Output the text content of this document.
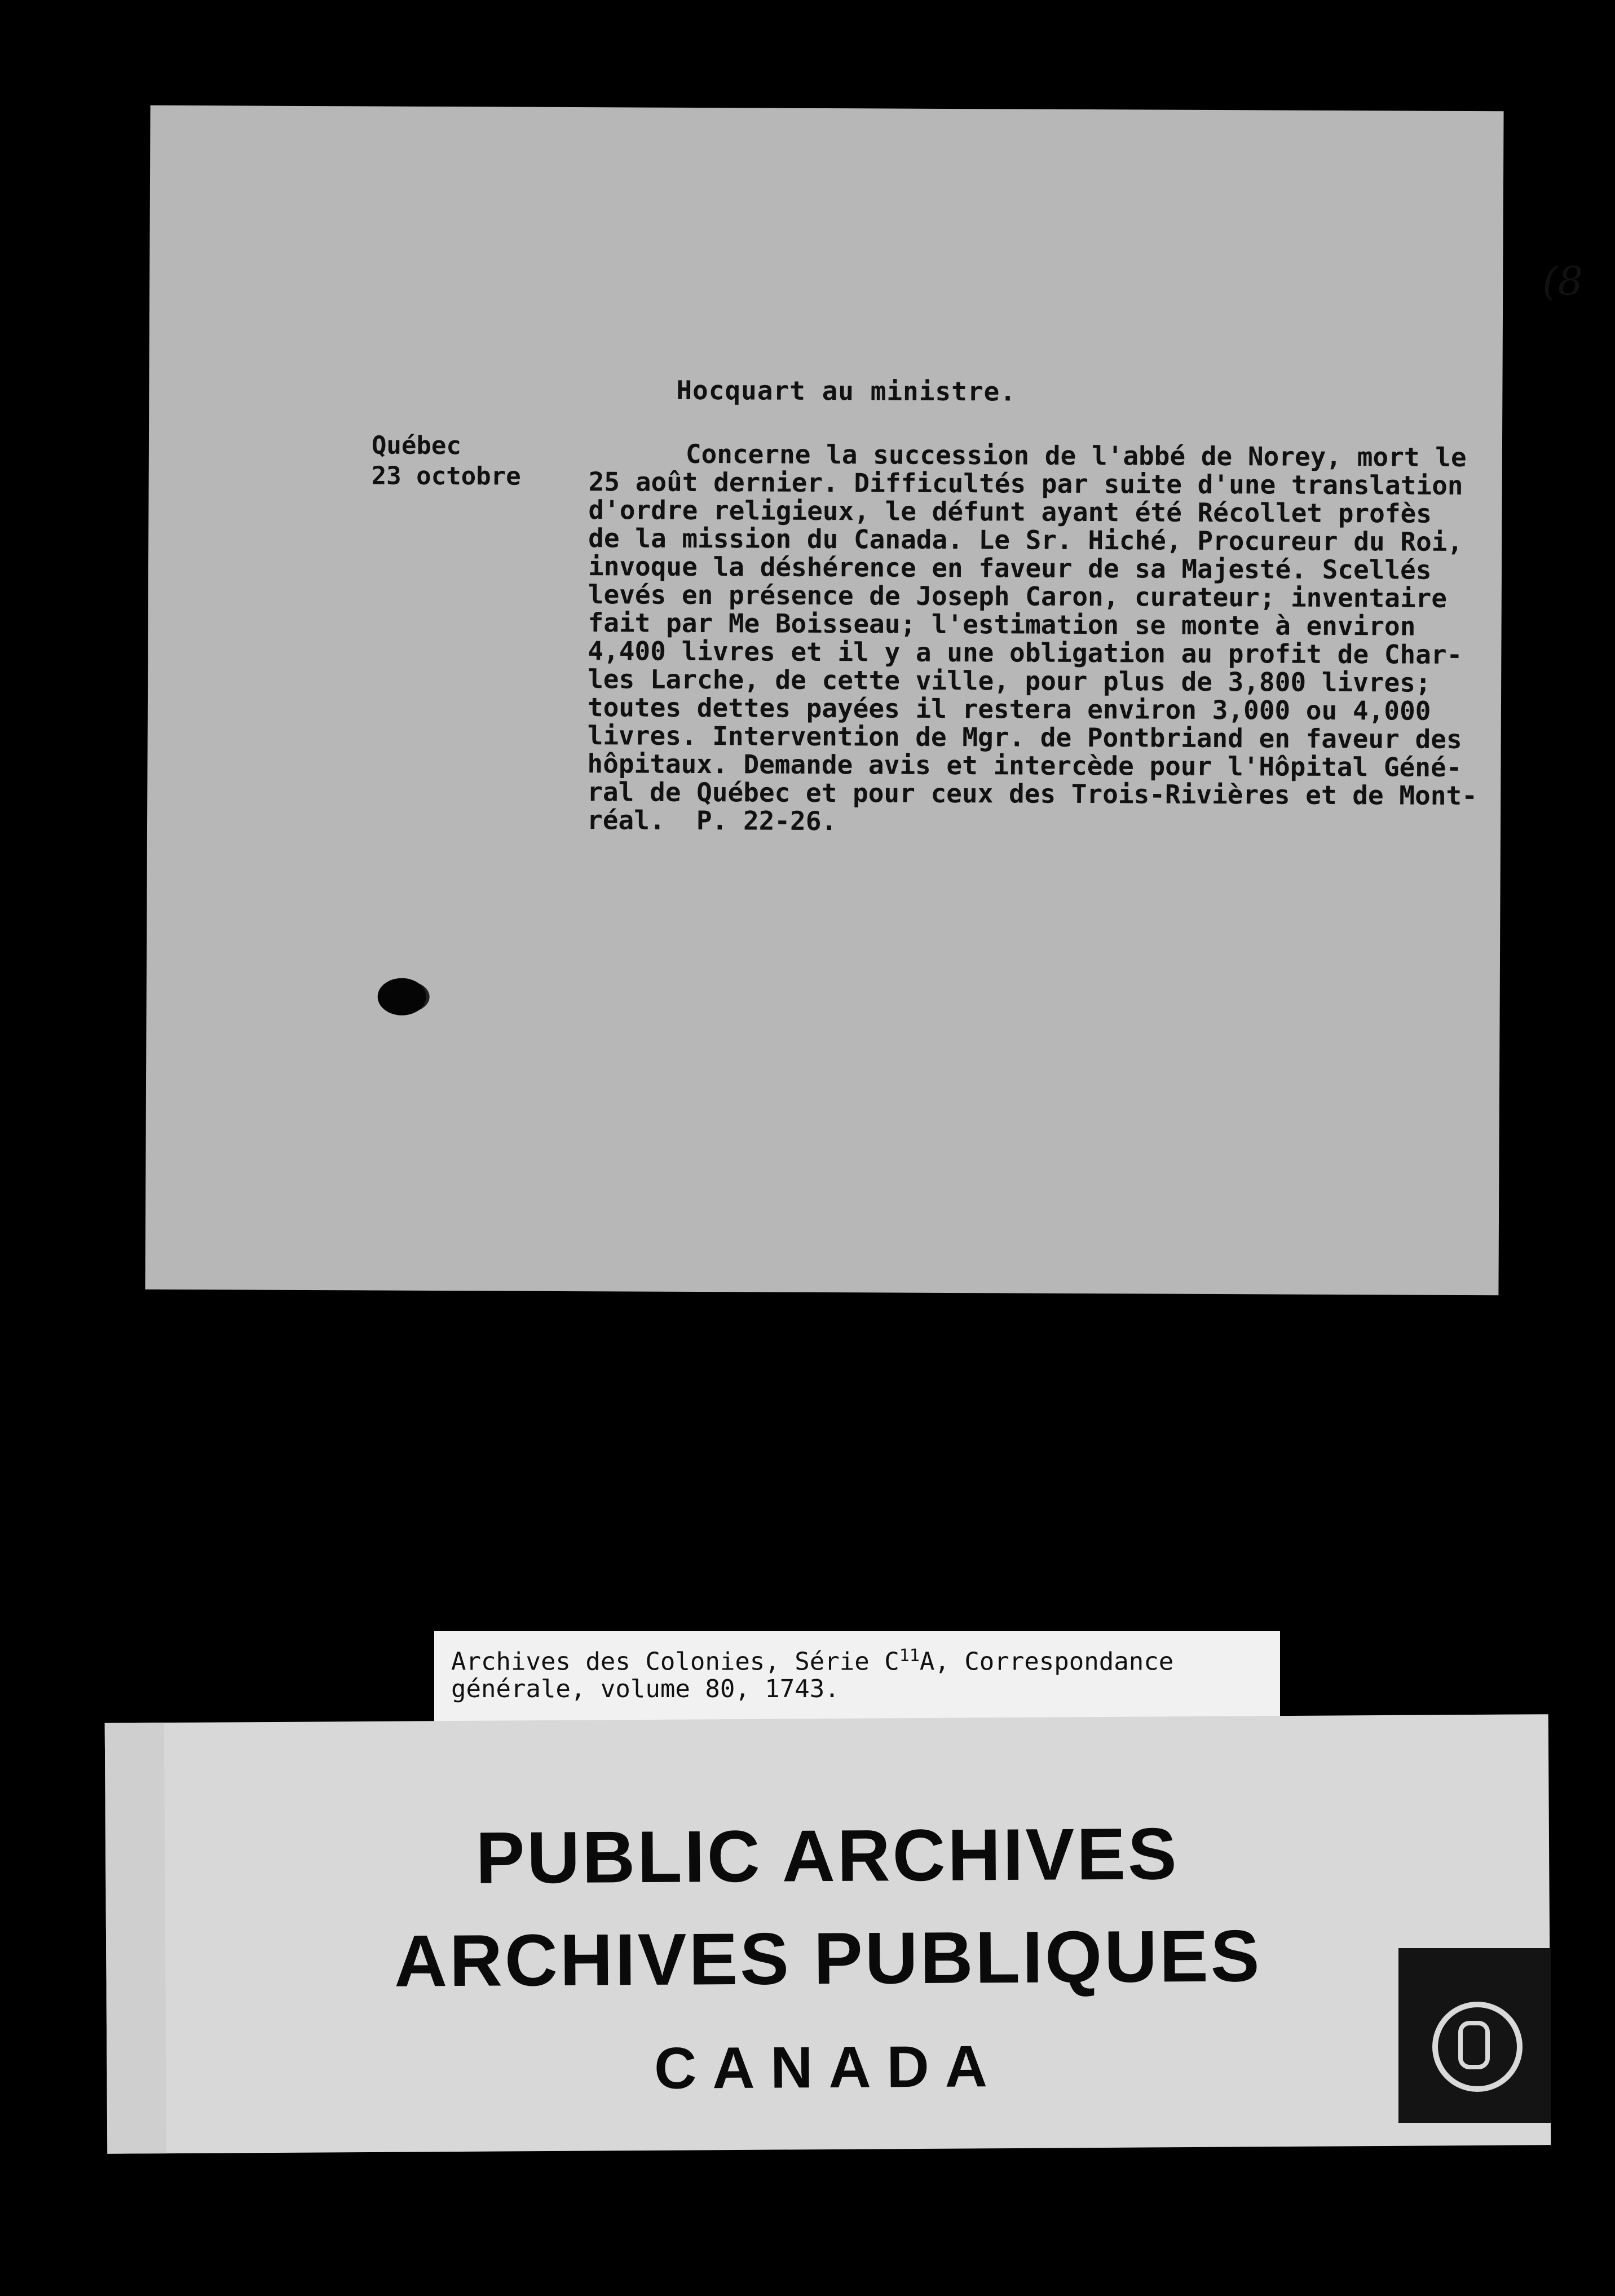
(8
Hocquart au ministre.
Québec
23 octobre
Concerne la succession de l'abbé de Norey, mort le
25 août dernier. Difficultés par suite d'une translation
d'ordre religieux, le défunt ayant été Récollet profès
de la mission du Canada. Le Sr. Hiché, Procureur du Roi,
invoque la déshérence en faveur de sa Majesté. Scellés
levés en présence de Joseph Caron, curateur; inventaire
fait par Me Boisseau; l'estimation se monte à environ
4,400 livres et il y a une obligation au profit de Char-
les Larche, de cette ville, pour plus de 3,800 livres;
toutes dettes payées il restera environ 3,000 ou 4,000
livres. Intervention de Mgr. de Pontbriand en faveur des
hôpitaux. Demande avis et intercède pour l'Hôpital Géné-
ral de Québec et pour ceux des Trois-Rivières et de Mont-
réal.  P. 22-26.
Archives des Colonies, Série $C^{11}A$, Correspondance
générale, volume 80, 1743.
PUBLIC ARCHIVES
ARCHIVES PUBLIQUES
CANADA
